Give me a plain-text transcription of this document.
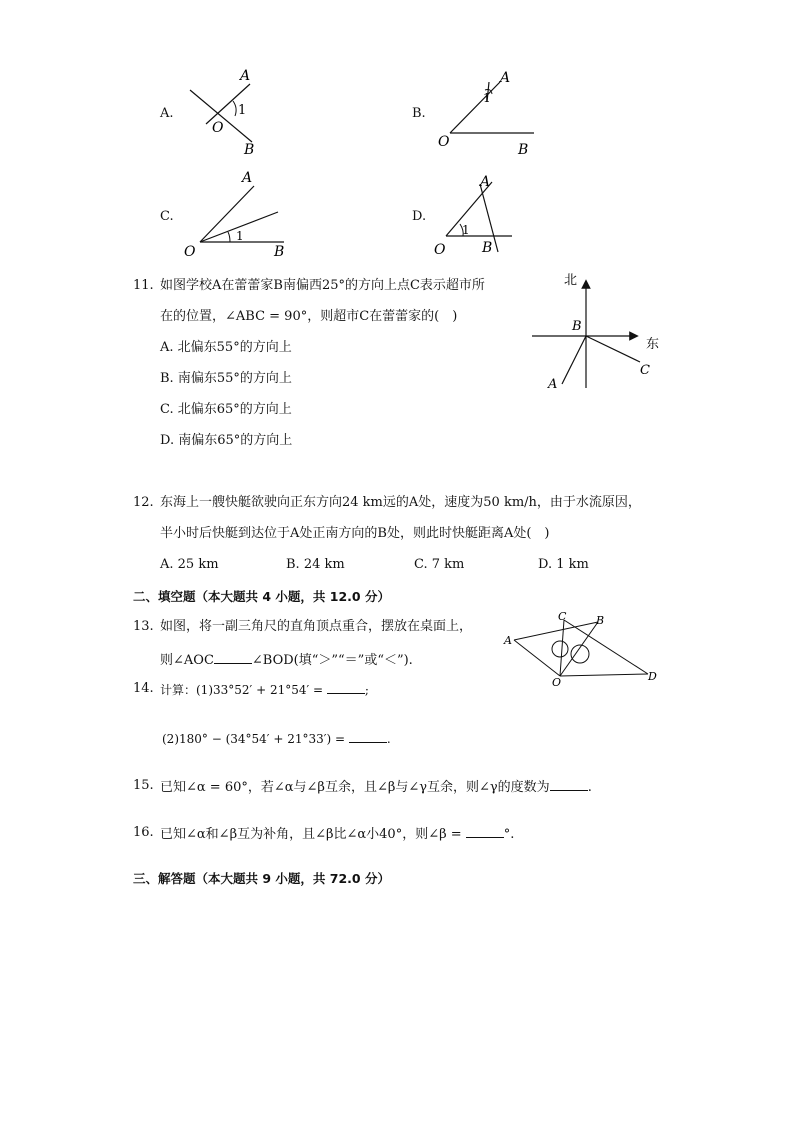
A.
A
1
O
B
B.
A
1
O	B
C.
A
1
O	B
D.
A
1
O	B
11. 如图学校A在蕾蕾家B南偏西25°的方向上点C表示超市所
在的位置，∠ABC = 90°，则超市C在蕾蕾家的(　)
A. 北偏东55°的方向上
B. 南偏东55°的方向上
C. 北偏东65°的方向上
D. 南偏东65°的方向上
北
东
B
A
C
12. 东海上一艘快艇欲驶向正东方向24 km远的A处，速度为50 km/h，由于水流原因，
半小时后快艇到达位于A处正南方向的B处，则此时快艇距离A处(　)
A. 25 km	B. 24 km	C. 7 km	D. 1 km
二、填空题（本大题共 4 小题，共 12.0 分）
13. 如图，将一副三角尺的直角顶点重合，摆放在桌面上，
则∠AOC	∠BOD(填“＞”“＝”或“＜”).
A
C	B
D
O
14. 计算：(1)33°52′ + 21°54′ =	;
(2)180° − (34°54′ + 21°33′) =	.
15. 已知∠α = 60°，若∠α与∠β互余，且∠β与∠γ互余，则∠γ的度数为	.
16. 已知∠α和∠β互为补角，且∠β比∠α小40°，则∠β =	°.
三、解答题（本大题共 9 小题，共 72.0 分）
